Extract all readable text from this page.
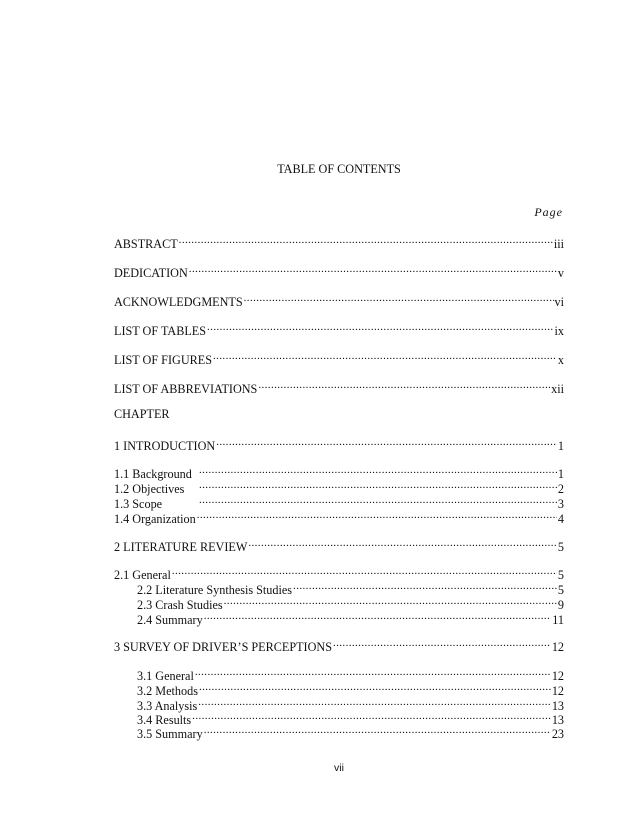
TABLE OF CONTENTS
Page
ABSTRACT .....	iii
DEDICATION .....	v
ACKNOWLEDGMENTS .....	vi
LIST OF TABLES .....	ix
LIST OF FIGURES .....	x
LIST OF ABBREVIATIONS .....	xii
CHAPTER
1 INTRODUCTION .....	1
1.1 Background .....	1
1.2 Objectives .....	2
1.3 Scope .....	3
1.4 Organization .....	4
2 LITERATURE REVIEW .....	5
2.1 General .....	5
2.2 Literature Synthesis Studies .....	5
2.3 Crash Studies .....	9
2.4 Summary .....	11
3 SURVEY OF DRIVER’S PERCEPTIONS .....	12
3.1 General .....	12
3.2 Methods .....	12
3.3 Analysis .....	13
3.4 Results .....	13
3.5 Summary .....	23
vii
